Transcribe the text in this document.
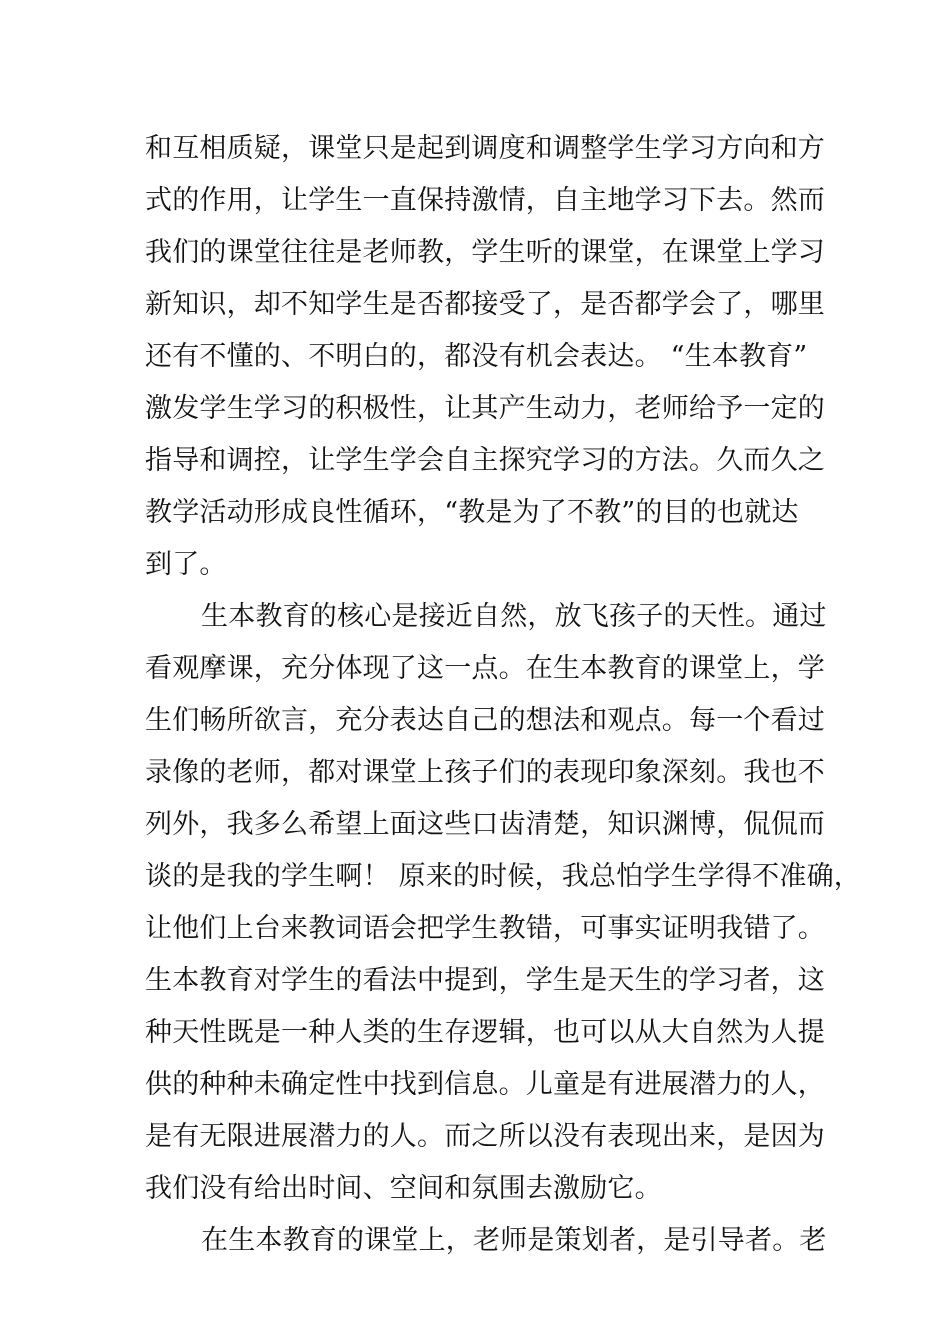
和互相质疑，课堂只是起到调度和调整学生学习方向和方
式的作用，让学生一直保持激情，自主地学习下去。然而
我们的课堂往往是老师教，学生听的课堂，在课堂上学习
新知识，却不知学生是否都接受了，是否都学会了，哪里
还有不懂的、不明白的，都没有机会表达。 “生本教育”
激发学生学习的积极性，让其产生动力，老师给予一定的
指导和调控，让学生学会自主探究学习的方法。久而久之
教学活动形成良性循环，“教是为了不教”的目的也就达
到了。
生本教育的核心是接近自然，放飞孩子的天性。通过
看观摩课，充分体现了这一点。在生本教育的课堂上，学
生们畅所欲言，充分表达自己的想法和观点。每一个看过
录像的老师，都对课堂上孩子们的表现印象深刻。我也不
列外，我多么希望上面这些口齿清楚，知识渊博，侃侃而
谈的是我的学生啊！ 原来的时候，我总怕学生学得不准确，
让他们上台来教词语会把学生教错，可事实证明我错了。
生本教育对学生的看法中提到，学生是天生的学习者，这
种天性既是一种人类的生存逻辑，也可以从大自然为人提
供的种种未确定性中找到信息。儿童是有进展潜力的人，
是有无限进展潜力的人。而之所以没有表现出来，是因为
我们没有给出时间、空间和氛围去激励它。
在生本教育的课堂上，老师是策划者，是引导者。老
